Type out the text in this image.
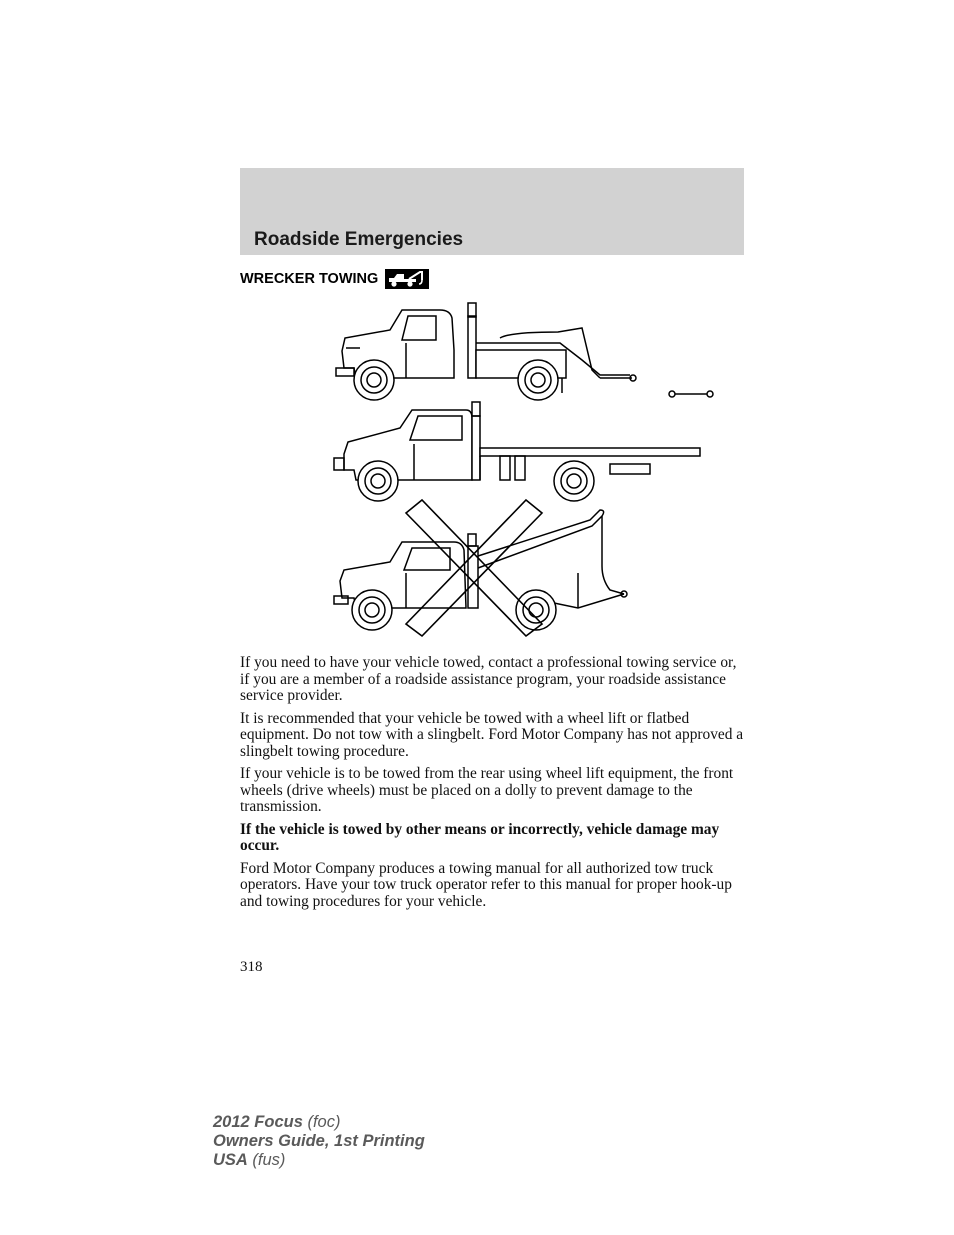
Roadside Emergencies
WRECKER TOWING

If you need to have your vehicle towed, contact a professional towing service or, if you are a member of a roadside assistance program, your roadside assistance service provider.

It is recommended that your vehicle be towed with a wheel lift or flatbed equipment. Do not tow with a slingbelt. Ford Motor Company has not approved a slingbelt towing procedure.

If your vehicle is to be towed from the rear using wheel lift equipment, the front wheels (drive wheels) must be placed on a dolly to prevent damage to the transmission.

If the vehicle is towed by other means or incorrectly, vehicle damage may occur.

Ford Motor Company produces a towing manual for all authorized tow truck operators. Have your tow truck operator refer to this manual for proper hook-up and towing procedures for your vehicle.

318
2012 Focus (foc)
Owners Guide, 1st Printing
USA (fus)
